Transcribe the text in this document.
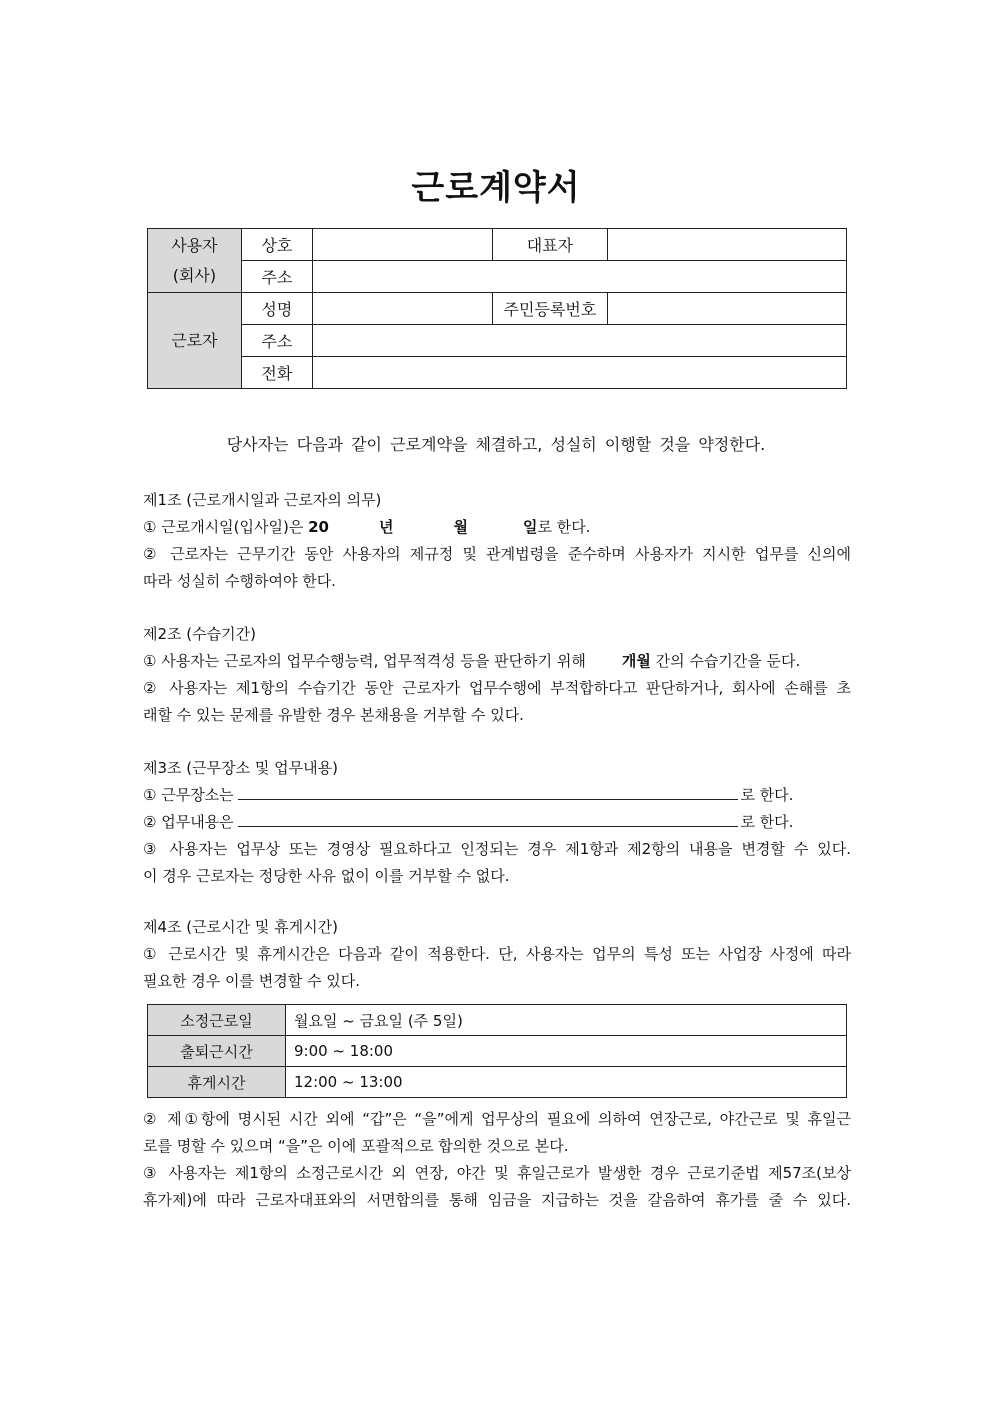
근로계약서
사용자
(회사)	상호		대표자	
	주소			
근로자	성명		주민등록번호	
	주소			
	전화			
당사자는 다음과 같이 근로계약을 체결하고, 성실히 이행할 것을 약정한다.
제1조 (근로개시일과 근로자의 의무)
① 근로개시일(입사일)은 20	년	월	일로 한다.
② 근로자는 근무기간 동안 사용자의 제규정 및 관계법령을 준수하며 사용자가 지시한 업무를 신의에
따라 성실히 수행하여야 한다.
제2조 (수습기간)
① 사용자는 근로자의 업무수행능력, 업무적격성 등을 판단하기 위해 개월 간의 수습기간을 둔다.
② 사용자는 제1항의 수습기간 동안 근로자가 업무수행에 부적합하다고 판단하거나, 회사에 손해를 초
래할 수 있는 문제를 유발한 경우 본채용을 거부할 수 있다.
제3조 (근무장소 및 업무내용)
① 근무장소는	로 한다.
② 업무내용은	로 한다.
③ 사용자는 업무상 또는 경영상 필요하다고 인정되는 경우 제1항과 제2항의 내용을 변경할 수 있다.
이 경우 근로자는 정당한 사유 없이 이를 거부할 수 없다.
제4조 (근로시간 및 휴게시간)
① 근로시간 및 휴게시간은 다음과 같이 적용한다. 단, 사용자는 업무의 특성 또는 사업장 사정에 따라
필요한 경우 이를 변경할 수 있다.
소정근로일	월요일 ~ 금요일 (주 5일)
출퇴근시간	9:00 ~ 18:00
휴게시간	12:00 ~ 13:00
② 제①항에 명시된 시간 외에 “갑”은 “을”에게 업무상의 필요에 의하여 연장근로, 야간근로 및 휴일근
로를 명할 수 있으며 “을”은 이에 포괄적으로 합의한 것으로 본다.
③ 사용자는 제1항의 소정근로시간 외 연장, 야간 및 휴일근로가 발생한 경우 근로기준법 제57조(보상
휴가제)에 따라 근로자대표와의 서면합의를 통해 임금을 지급하는 것을 갈음하여 휴가를 줄 수 있다.
